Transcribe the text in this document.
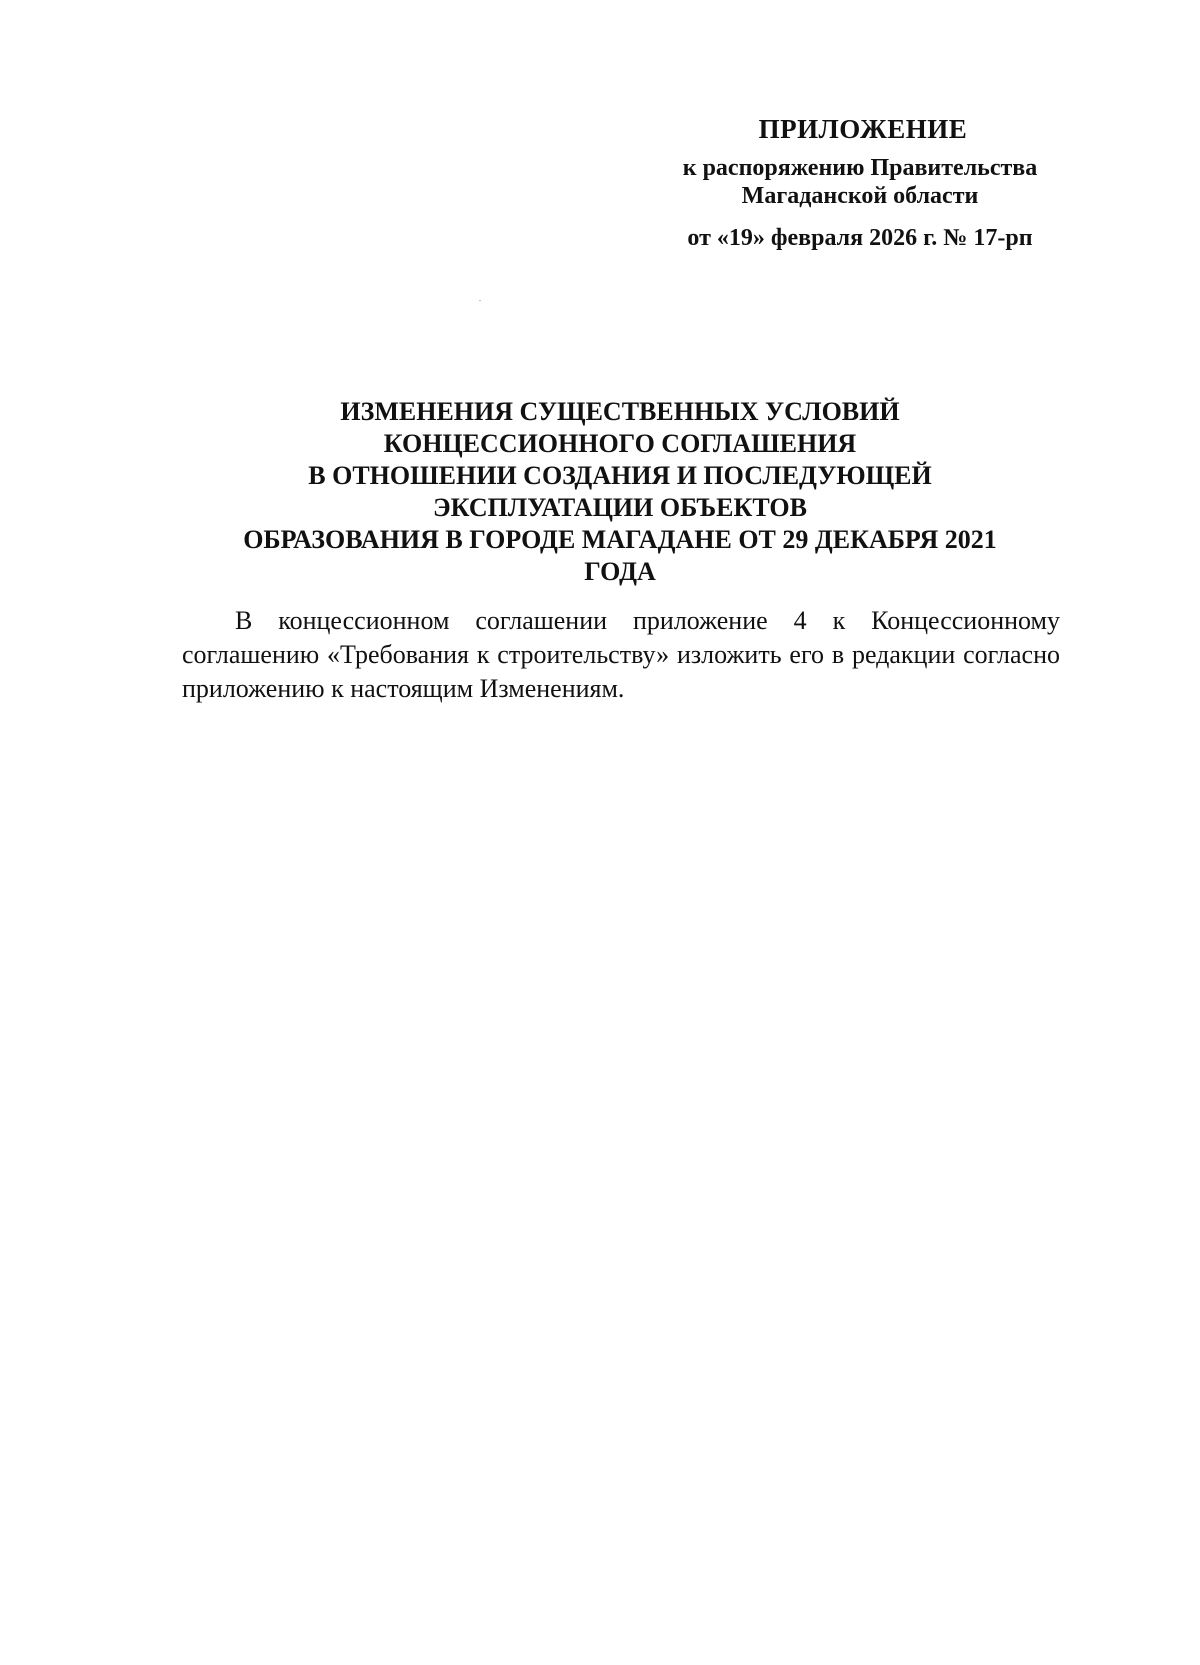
ПРИЛОЖЕНИЕ
к распоряжению Правительства
Магаданской области
от «19» февраля 2026 г. № 17-рп
ИЗМЕНЕНИЯ СУЩЕСТВЕННЫХ УСЛОВИЙ
КОНЦЕССИОННОГО СОГЛАШЕНИЯ
В ОТНОШЕНИИ СОЗДАНИЯ И ПОСЛЕДУЮЩЕЙ
ЭКСПЛУАТАЦИИ ОБЪЕКТОВ
ОБРАЗОВАНИЯ В ГОРОДЕ МАГАДАНЕ ОТ 29 ДЕКАБРЯ 2021
ГОДА

В концессионном соглашении приложение 4 к Концессионному соглашению «Требования к строительству» изложить его в редакции согласно приложению к настоящим Изменениям.
